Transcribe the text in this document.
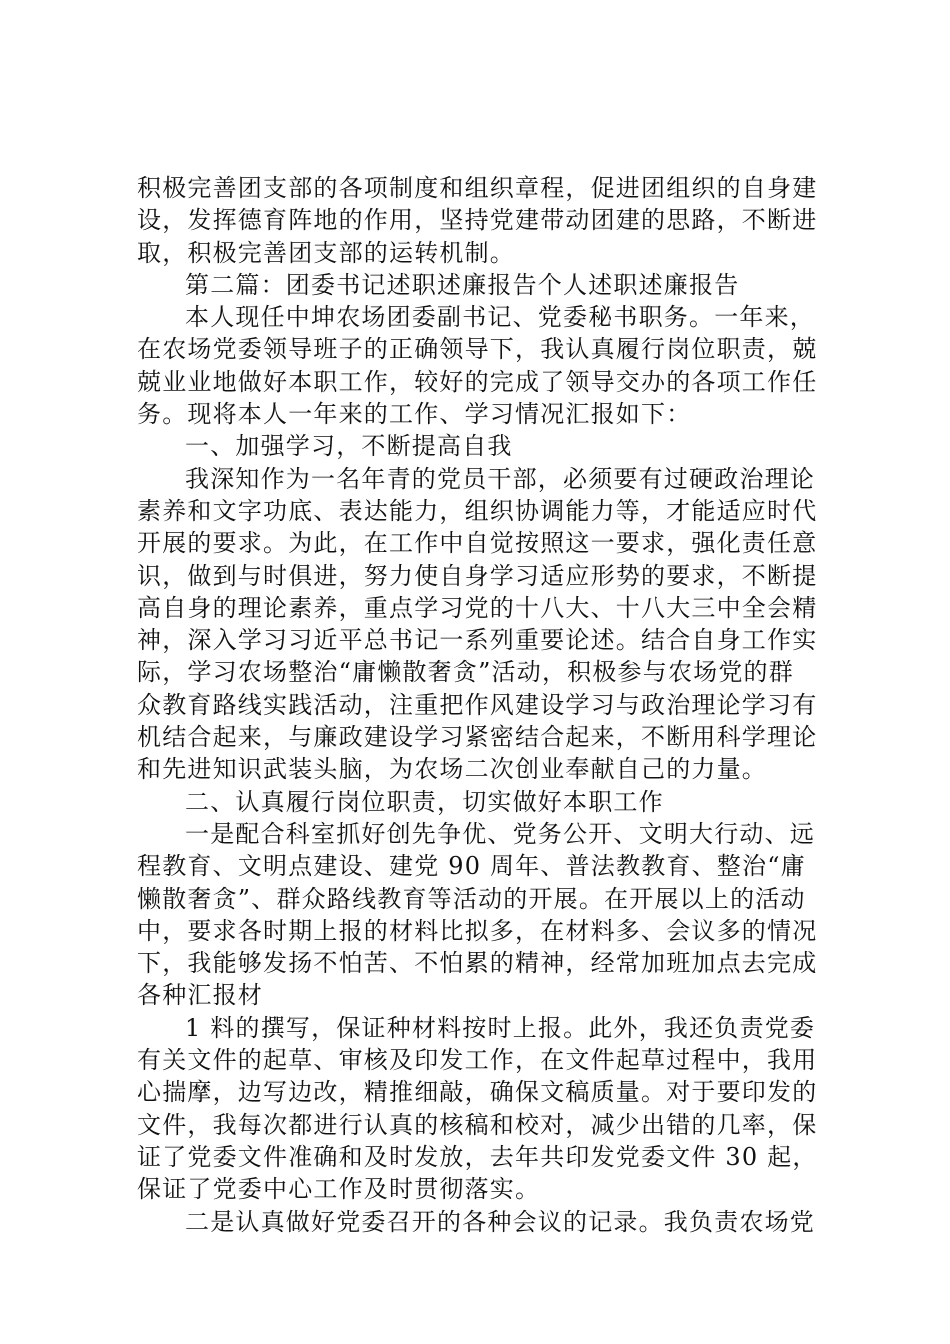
积极完善团支部的各项制度和组织章程，促进团组织的自身建
设，发挥德育阵地的作用，坚持党建带动团建的思路，不断进
取，积极完善团支部的运转机制。
第二篇：团委书记述职述廉报告个人述职述廉报告
本人现任中坤农场团委副书记、党委秘书职务。一年来，
在农场党委领导班子的正确领导下，我认真履行岗位职责，兢
兢业业地做好本职工作，较好的完成了领导交办的各项工作任
务。现将本人一年来的工作、学习情况汇报如下：
一、加强学习，不断提高自我
我深知作为一名年青的党员干部，必须要有过硬政治理论
素养和文字功底、表达能力，组织协调能力等，才能适应时代
开展的要求。为此，在工作中自觉按照这一要求，强化责任意
识，做到与时俱进，努力使自身学习适应形势的要求，不断提
高自身的理论素养，重点学习党的十八大、十八大三中全会精
神，深入学习习近平总书记一系列重要论述。结合自身工作实
际，学习农场整治“庸懒散奢贪”活动，积极参与农场党的群
众教育路线实践活动，注重把作风建设学习与政治理论学习有
机结合起来，与廉政建设学习紧密结合起来，不断用科学理论
和先进知识武装头脑，为农场二次创业奉献自己的力量。
二、认真履行岗位职责，切实做好本职工作
一是配合科室抓好创先争优、党务公开、文明大行动、远
程教育、文明点建设、建党 90 周年、普法教教育、整治“庸
懒散奢贪”、群众路线教育等活动的开展。在开展以上的活动
中，要求各时期上报的材料比拟多，在材料多、会议多的情况
下，我能够发扬不怕苦、不怕累的精神，经常加班加点去完成
各种汇报材
1 料的撰写，保证种材料按时上报。此外，我还负责党委
有关文件的起草、审核及印发工作，在文件起草过程中，我用
心揣摩，边写边改，精推细敲，确保文稿质量。对于要印发的
文件，我每次都进行认真的核稿和校对，减少出错的几率，保
证了党委文件准确和及时发放，去年共印发党委文件 30 起，
保证了党委中心工作及时贯彻落实。
二是认真做好党委召开的各种会议的记录。我负责农场党
